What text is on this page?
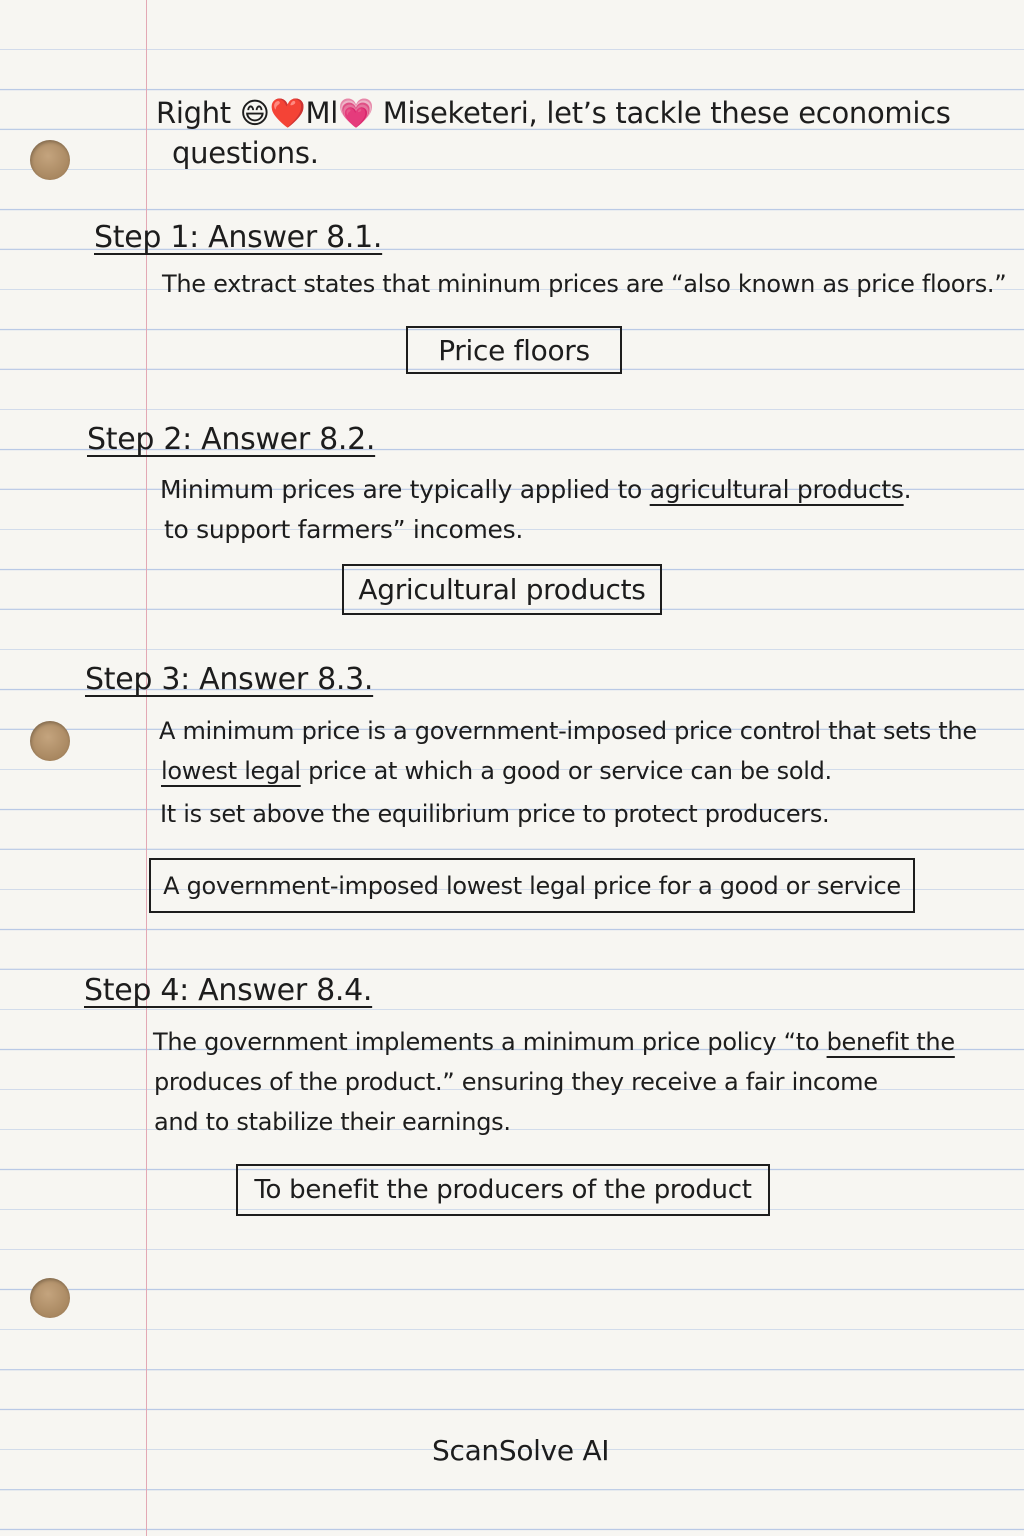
Right 😄❤️Ml💗 Miseketeri, let’s tackle these economics
questions.
Step 1: Answer 8.1.
The extract states that mininum prices are “also known as price floors.”
Price floors
Step 2: Answer 8.2.
Minimum prices are typically applied to agricultural products.
to support farmers” incomes.
Agricultural products
Step 3: Answer 8.3.
A minimum price is a government-imposed price control that sets the
lowest legal price at which a good or service can be sold.
It is set above the equilibrium price to protect producers.
A government-imposed lowest legal price for a good or service
Step 4: Answer 8.4.
The government implements a minimum price policy “to benefit the
produces of the product.” ensuring they receive a fair income
and to stabilize their earnings.
To benefit the producers of the product
ScanSolve AI
